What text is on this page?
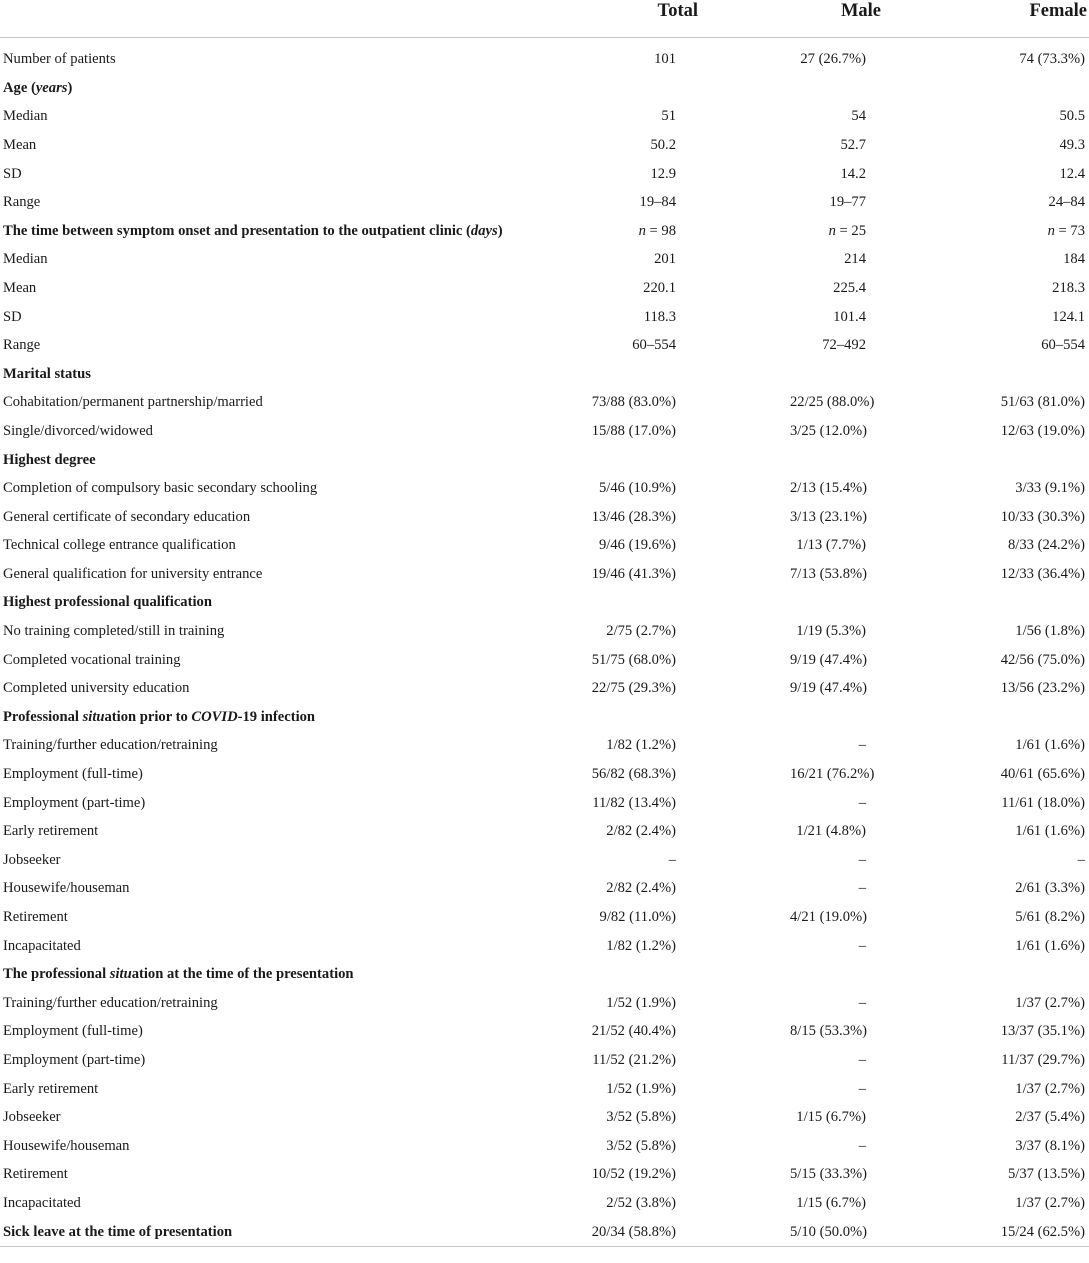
	Total	Male	Female
Number of patients	101	27 (26.7%)	74 (73.3%)
Age (years)			
Median	51	54	50.5
Mean	50.2	52.7	49.3
SD	12.9	14.2	12.4
Range	19–84	19–77	24–84
The time between symptom onset and presentation to the outpatient clinic (days)	n = 98	n = 25	n = 73
Median	201	214	184
Mean	220.1	225.4	218.3
SD	118.3	101.4	124.1
Range	60–554	72–492	60–554
Marital status			
Cohabitation/permanent partnership/married	73/88 (83.0%)	22/25 (88.0%)	51/63 (81.0%)
Single/divorced/widowed	15/88 (17.0%)	3/25 (12.0%)	12/63 (19.0%)
Highest degree			
Completion of compulsory basic secondary schooling	5/46 (10.9%)	2/13 (15.4%)	3/33 (9.1%)
General certificate of secondary education	13/46 (28.3%)	3/13 (23.1%)	10/33 (30.3%)
Technical college entrance qualification	9/46 (19.6%)	1/13 (7.7%)	8/33 (24.2%)
General qualification for university entrance	19/46 (41.3%)	7/13 (53.8%)	12/33 (36.4%)
Highest professional qualification			
No training completed/still in training	2/75 (2.7%)	1/19 (5.3%)	1/56 (1.8%)
Completed vocational training	51/75 (68.0%)	9/19 (47.4%)	42/56 (75.0%)
Completed university education	22/75 (29.3%)	9/19 (47.4%)	13/56 (23.2%)
Professional situation prior to COVID-19 infection			
Training/further education/retraining	1/82 (1.2%)	–	1/61 (1.6%)
Employment (full-time)	56/82 (68.3%)	16/21 (76.2%)	40/61 (65.6%)
Employment (part-time)	11/82 (13.4%)	–	11/61 (18.0%)
Early retirement	2/82 (2.4%)	1/21 (4.8%)	1/61 (1.6%)
Jobseeker	–	–	–
Housewife/houseman	2/82 (2.4%)	–	2/61 (3.3%)
Retirement	9/82 (11.0%)	4/21 (19.0%)	5/61 (8.2%)
Incapacitated	1/82 (1.2%)	–	1/61 (1.6%)
The professional situation at the time of the presentation			
Training/further education/retraining	1/52 (1.9%)	–	1/37 (2.7%)
Employment (full-time)	21/52 (40.4%)	8/15 (53.3%)	13/37 (35.1%)
Employment (part-time)	11/52 (21.2%)	–	11/37 (29.7%)
Early retirement	1/52 (1.9%)	–	1/37 (2.7%)
Jobseeker	3/52 (5.8%)	1/15 (6.7%)	2/37 (5.4%)
Housewife/houseman	3/52 (5.8%)	–	3/37 (8.1%)
Retirement	10/52 (19.2%)	5/15 (33.3%)	5/37 (13.5%)
Incapacitated	2/52 (3.8%)	1/15 (6.7%)	1/37 (2.7%)
Sick leave at the time of presentation	20/34 (58.8%)	5/10 (50.0%)	15/24 (62.5%)
